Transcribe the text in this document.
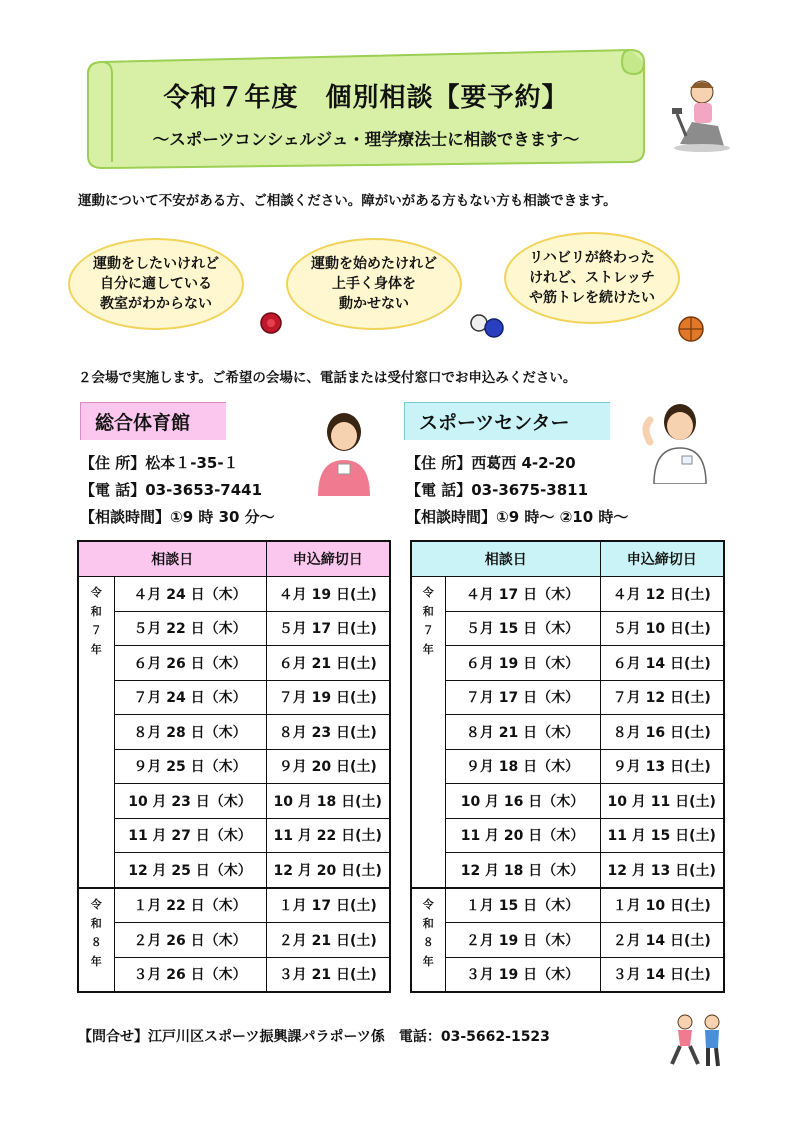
令和７年度　個別相談【要予約】
～スポーツコンシェルジュ・理学療法士に相談できます～
運動について不安がある方、ご相談ください。障がいがある方もない方も相談できます。
運動をしたいけれど
自分に適している
教室がわからない
運動を始めたけれど
上手く身体を
動かせない
リハビリが終わった
けれど、ストレッチ
や筋トレを続けたい
２会場で実施します。ご希望の会場に、電話または受付窓口でお申込みください。
総合体育館
【住 所】松本１-35-１
【電 話】03-3653-7441
【相談時間】①9 時 30 分～
相談日		申込締切日

令
和
７
年	４月 24 日（木）	４月 19 日(土)
	５月 22 日（木）	５月 17 日(土)
	６月 26 日（木）	６月 21 日(土)
	７月 24 日（木）	７月 19 日(土)
	８月 28 日（木）	８月 23 日(土)
	９月 25 日（木）	９月 20 日(土)
	10 月 23 日（木）	10 月 18 日(土)
	11 月 27 日（木）	11 月 22 日(土)
	12 月 25 日（木）	12 月 20 日(土)

令
和
８
年	１月 22 日（木）	１月 17 日(土)
	２月 26 日（木）	２月 21 日(土)
	３月 26 日（木）	３月 21 日(土)
スポーツセンター
【住 所】西葛西 4-2-20
【電 話】03-3675-3811
【相談時間】①9 時～ ②10 時～
相談日		申込締切日

令
和
７
年	４月 17 日（木）	４月 12 日(土)
	５月 15 日（木）	５月 10 日(土)
	６月 19 日（木）	６月 14 日(土)
	７月 17 日（木）	７月 12 日(土)
	８月 21 日（木）	８月 16 日(土)
	９月 18 日（木）	９月 13 日(土)
	10 月 16 日（木）	10 月 11 日(土)
	11 月 20 日（木）	11 月 15 日(土)
	12 月 18 日（木）	12 月 13 日(土)

令
和
８
年	１月 15 日（木）	１月 10 日(土)
	２月 19 日（木）	２月 14 日(土)
	３月 19 日（木）	３月 14 日(土)
【問合せ】江戸川区スポーツ振興課パラポーツ係　電話：03-5662-1523
